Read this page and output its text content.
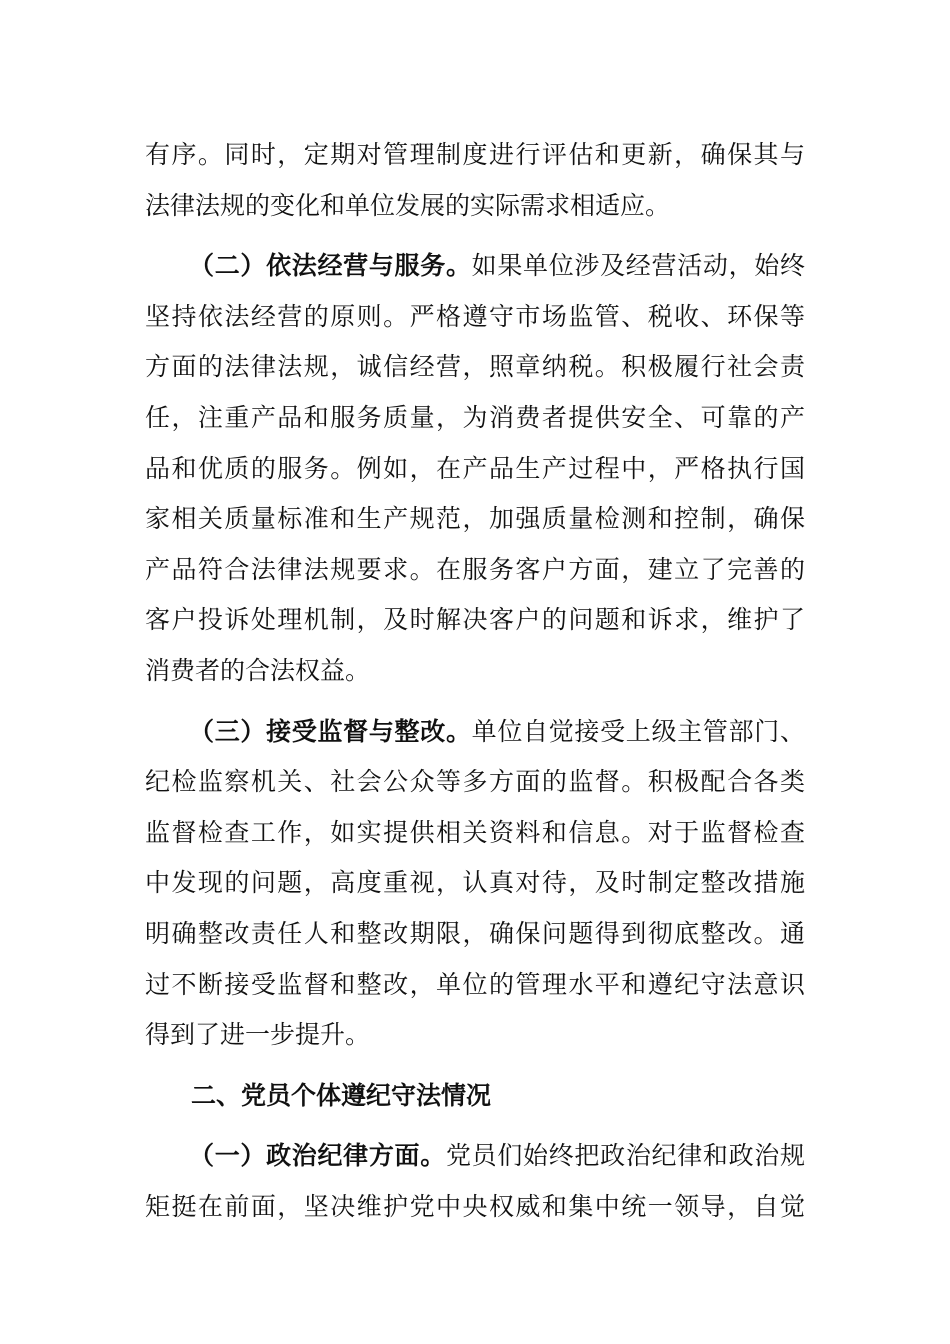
有序。同时，定期对管理制度进行评估和更新，确保其与
法律法规的变化和单位发展的实际需求相适应。
（二）依法经营与服务。如果单位涉及经营活动，始终
坚持依法经营的原则。严格遵守市场监管、税收、环保等
方面的法律法规，诚信经营，照章纳税。积极履行社会责
任，注重产品和服务质量，为消费者提供安全、可靠的产
品和优质的服务。例如，在产品生产过程中，严格执行国
家相关质量标准和生产规范，加强质量检测和控制，确保
产品符合法律法规要求。在服务客户方面，建立了完善的
客户投诉处理机制，及时解决客户的问题和诉求，维护了
消费者的合法权益。
（三）接受监督与整改。单位自觉接受上级主管部门、
纪检监察机关、社会公众等多方面的监督。积极配合各类
监督检查工作，如实提供相关资料和信息。对于监督检查
中发现的问题，高度重视，认真对待，及时制定整改措施
明确整改责任人和整改期限，确保问题得到彻底整改。通
过不断接受监督和整改，单位的管理水平和遵纪守法意识
得到了进一步提升。
二、党员个体遵纪守法情况
（一）政治纪律方面。党员们始终把政治纪律和政治规
矩挺在前面，坚决维护党中央权威和集中统一领导，自觉
